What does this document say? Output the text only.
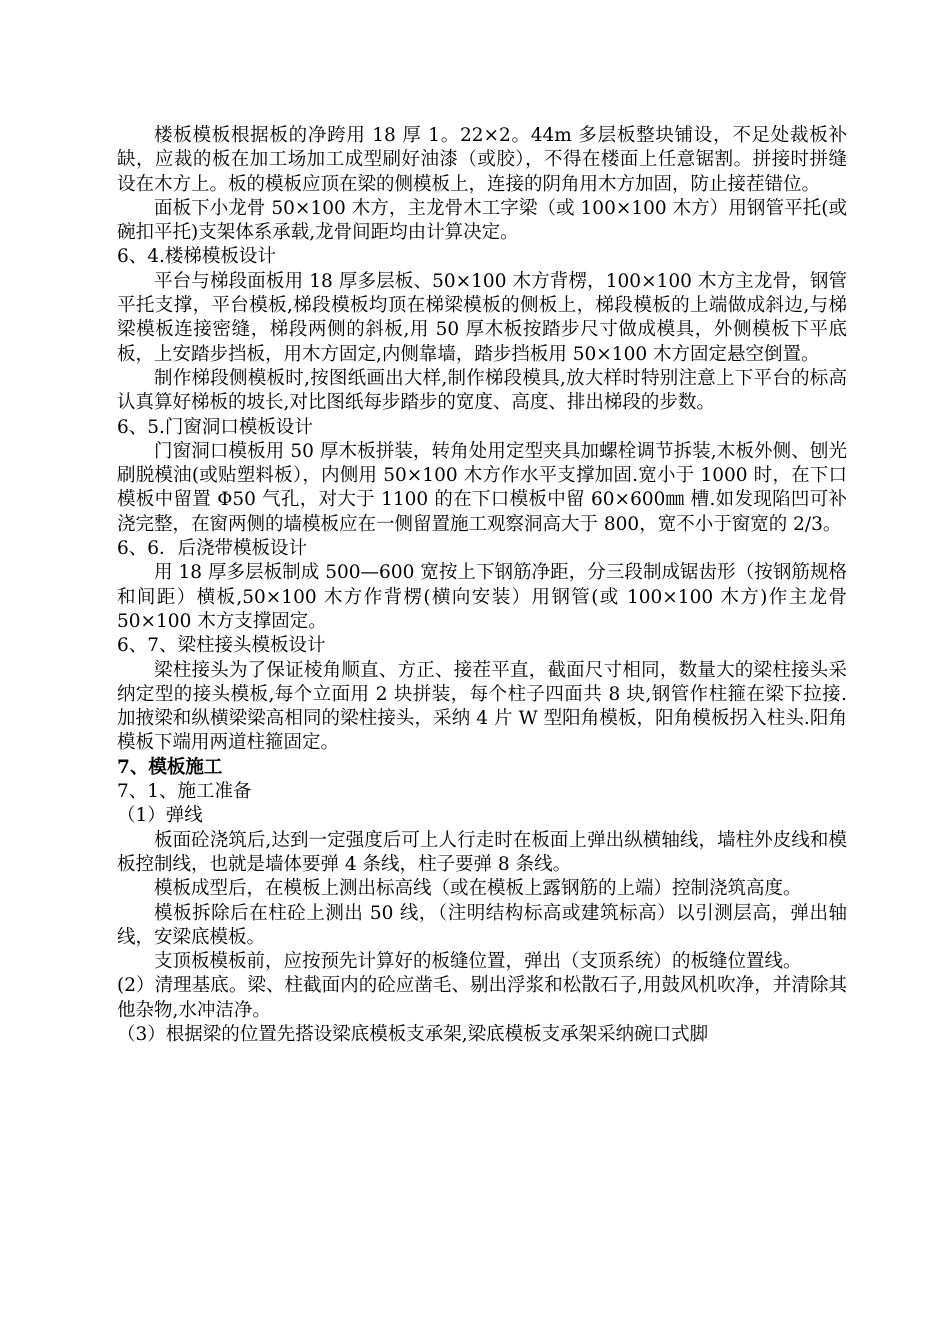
楼板模板根据板的净跨用 18 厚 1。22×2。44m 多层板整块铺设，不足处裁板补缺，应裁的板在加工场加工成型刷好油漆（或胶），不得在楼面上任意锯割。拼接时拼缝设在木方上。板的模板应顶在梁的侧模板上，连接的阴角用木方加固，防止接茬错位。

面板下小龙骨 50×100 木方，主龙骨木工字梁（或 100×100 木方）用钢管平托(或碗扣平托)支架体系承载,龙骨间距均由计算决定。

6、4.楼梯模板设计

平台与梯段面板用 18 厚多层板、50×100 木方背楞，100×100 木方主龙骨，钢管平托支撑，平台模板,梯段模板均顶在梯梁模板的侧板上，梯段模板的上端做成斜边,与梯梁模板连接密缝，梯段两侧的斜板,用 50 厚木板按踏步尺寸做成模具，外侧模板下平底板，上安踏步挡板，用木方固定,内侧靠墙，踏步挡板用 50×100 木方固定悬空倒置。

制作梯段侧模板时,按图纸画出大样,制作梯段模具,放大样时特别注意上下平台的标高认真算好梯板的坡长,对比图纸每步踏步的宽度、高度、排出梯段的步数。

6、5.门窗洞口模板设计

门窗洞口模板用 50 厚木板拼装，转角处用定型夹具加螺栓调节拆装,木板外侧、刨光刷脱模油(或贴塑料板），内侧用 50×100 木方作水平支撑加固.宽小于 1000 时，在下口模板中留置 Φ50 气孔，对大于 1100 的在下口模板中留 60×600㎜ 槽.如发现陷凹可补浇完整，在窗两侧的墙模板应在一侧留置施工观察洞高大于 800，宽不小于窗宽的 2/3。

6、6．后浇带模板设计

用 18 厚多层板制成 500—600 宽按上下钢筋净距，分三段制成锯齿形（按钢筋规格和间距）横板,50×100 木方作背楞(横向安装）用钢管(或 100×100 木方)作主龙骨 50×100 木方支撑固定。

6、7、梁柱接头模板设计

梁柱接头为了保证棱角顺直、方正、接茬平直，截面尺寸相同，数量大的梁柱接头采纳定型的接头模板,每个立面用 2 块拼装，每个柱子四面共 8 块,钢管作柱箍在梁下拉接.加掖梁和纵横梁梁高相同的梁柱接头，采纳 4 片 W 型阳角模板，阳角模板拐入柱头.阳角模板下端用两道柱箍固定。

7、模板施工

7、1、施工准备

（1）弹线

板面砼浇筑后,达到一定强度后可上人行走时在板面上弹出纵横轴线，墙柱外皮线和模板控制线，也就是墙体要弹 4 条线，柱子要弹 8 条线。

模板成型后，在模板上测出标高线（或在模板上露钢筋的上端）控制浇筑高度。

模板拆除后在柱砼上测出 50 线，（注明结构标高或建筑标高）以引测层高，弹出轴线，安梁底模板。

支顶板模板前，应按预先计算好的板缝位置，弹出（支顶系统）的板缝位置线。

(2）清理基底。梁、柱截面内的砼应凿毛、剔出浮浆和松散石子,用鼓风机吹净，并清除其他杂物,水冲洁净。

（3）根据梁的位置先搭设梁底模板支承架,梁底模板支承架采纳碗口式脚
